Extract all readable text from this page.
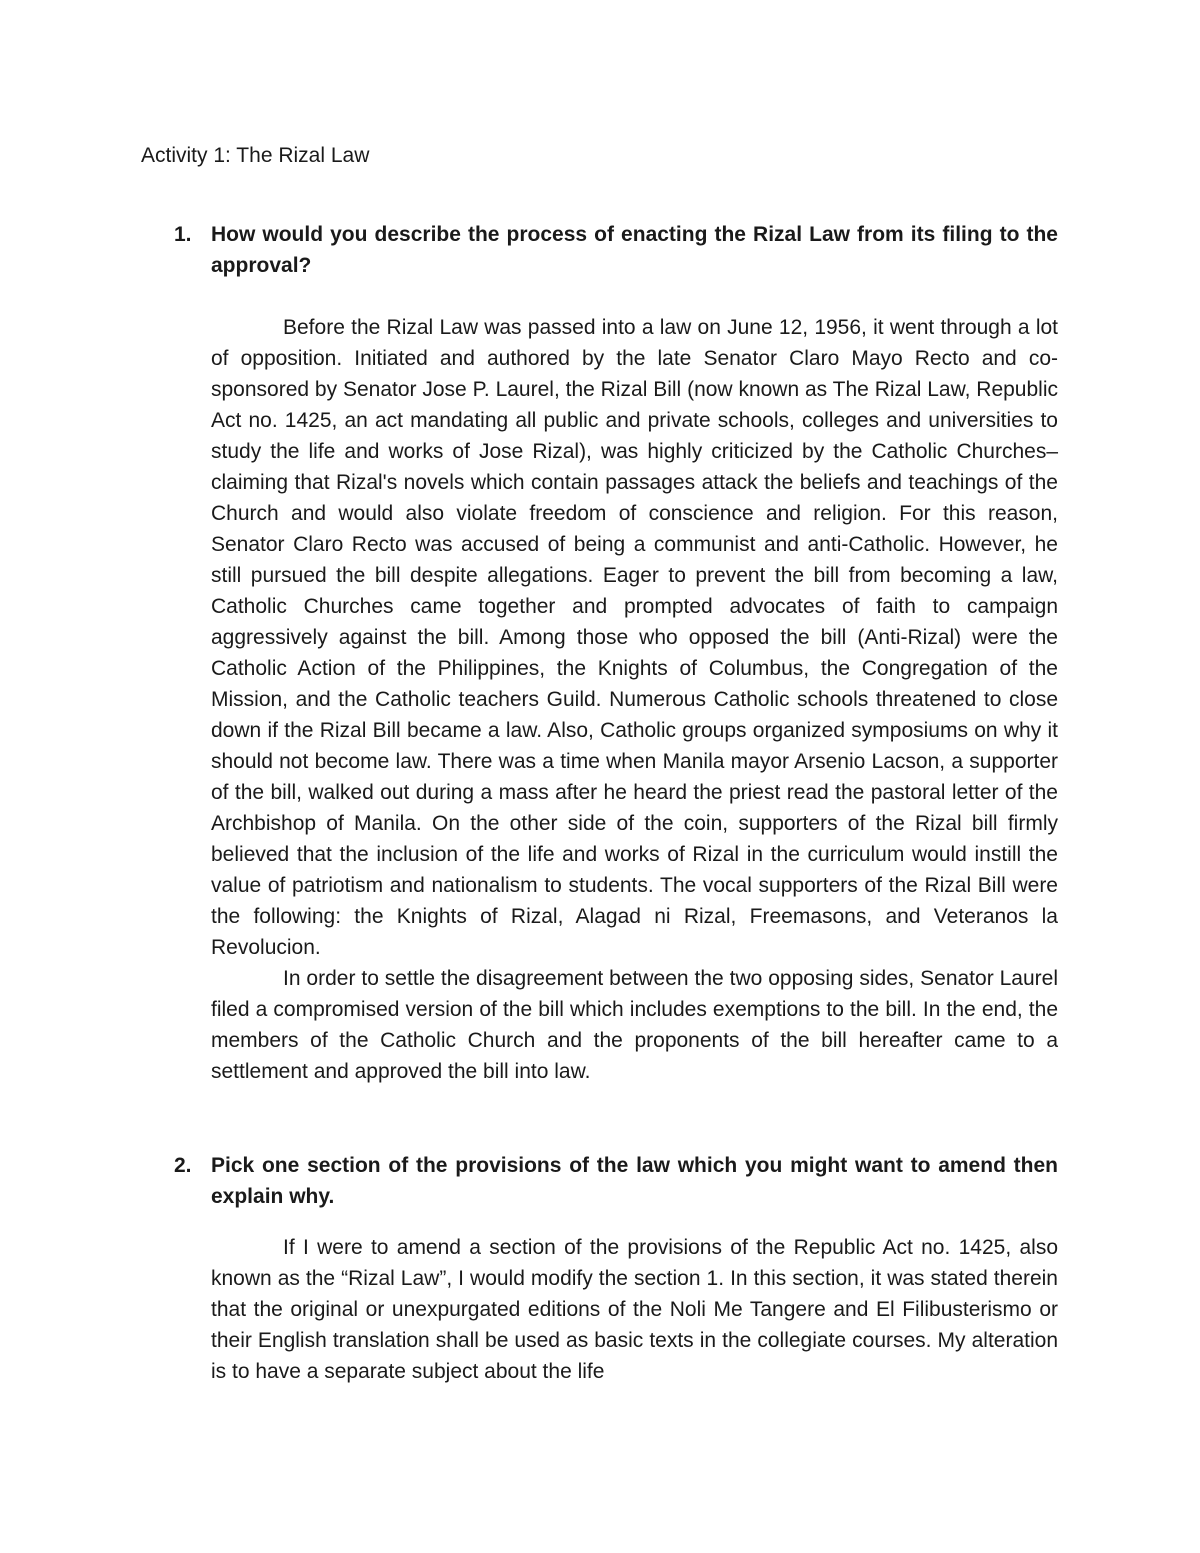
Activity 1: The Rizal Law
1. How would you describe the process of enacting the Rizal Law from its filing to the approval?

Before the Rizal Law was passed into a law on June 12, 1956, it went through a lot of opposition. Initiated and authored by the late Senator Claro Mayo Recto and co-sponsored by Senator Jose P. Laurel, the Rizal Bill (now known as The Rizal Law, Republic Act no. 1425, an act mandating all public and private schools, colleges and universities to study the life and works of Jose Rizal), was highly criticized by the Catholic Churches– claiming that Rizal's novels which contain passages attack the beliefs and teachings of the Church and would also violate freedom of conscience and religion. For this reason, Senator Claro Recto was accused of being a communist and anti-Catholic. However, he still pursued the bill despite allegations. Eager to prevent the bill from becoming a law, Catholic Churches came together and prompted advocates of faith to campaign aggressively against the bill. Among those who opposed the bill (Anti-Rizal) were the Catholic Action of the Philippines, the Knights of Columbus, the Congregation of the Mission, and the Catholic teachers Guild. Numerous Catholic schools threatened to close down if the Rizal Bill became a law. Also, Catholic groups organized symposiums on why it should not become law. There was a time when Manila mayor Arsenio Lacson, a supporter of the bill, walked out during a mass after he heard the priest read the pastoral letter of the Archbishop of Manila. On the other side of the coin, supporters of the Rizal bill firmly believed that the inclusion of the life and works of Rizal in the curriculum would instill the value of patriotism and nationalism to students. The vocal supporters of the Rizal Bill were the following: the Knights of Rizal, Alagad ni Rizal, Freemasons, and Veteranos la Revolucion.

In order to settle the disagreement between the two opposing sides, Senator Laurel filed a compromised version of the bill which includes exemptions to the bill. In the end, the members of the Catholic Church and the proponents of the bill hereafter came to a settlement and approved the bill into law.

2. Pick one section of the provisions of the law which you might want to amend then explain why.

If I were to amend a section of the provisions of the Republic Act no. 1425, also known as the “Rizal Law”, I would modify the section 1. In this section, it was stated therein that the original or unexpurgated editions of the Noli Me Tangere and El Filibusterismo or their English translation shall be used as basic texts in the collegiate courses. My alteration is to have a separate subject about the life
